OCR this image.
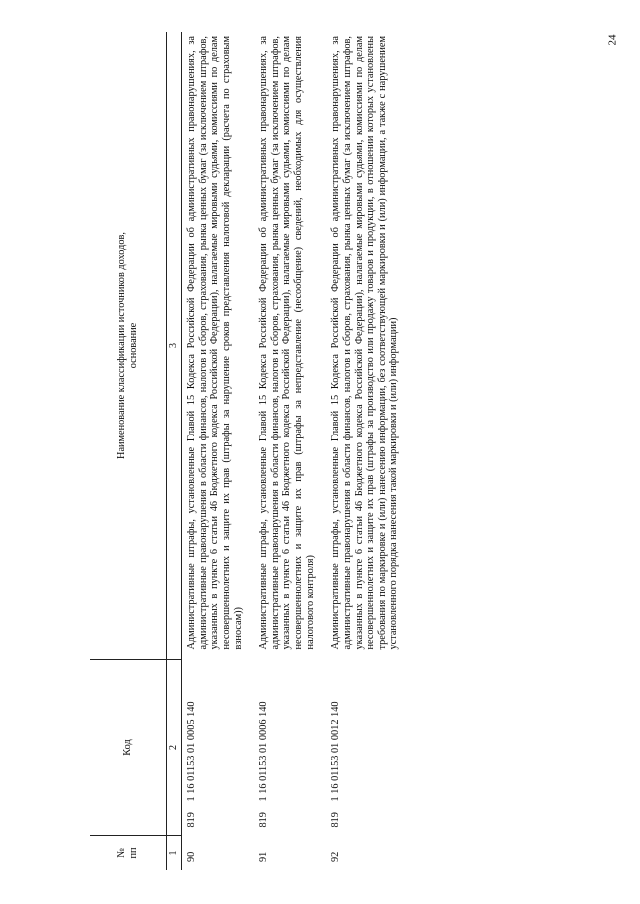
24
№
пп	Код	Наименование классификации источников доходов,
основание
1	2	3
90	8191 16 01153 01 0005 140	Административные штрафы, установленные Главой 15 Кодекса Российской Федерации об административных правонарушениях, за административные правонарушения в области финансов, налогов и сборов, страхования, рынка ценных бумаг (за исключением штрафов, указанных в пункте 6 статьи 46 Бюджетного кодекса Российской Федерации), налагаемые мировыми судьями, комиссиями по делам несовершеннолетних и защите их прав (штрафы за нарушение сроков представления налоговой декларации (расчета по страховым взносам))
91	8191 16 01153 01 0006 140	Административные штрафы, установленные Главой 15 Кодекса Российской Федерации об административных правонарушениях, за административные правонарушения в области финансов, налогов и сборов, страхования, рынка ценных бумаг (за исключением штрафов, указанных в пункте 6 статьи 46 Бюджетного кодекса Российской Федерации), налагаемые мировыми судьями, комиссиями по делам несовершеннолетних и защите их прав (штрафы за непредставление (несообщение) сведений, необходимых для осуществления налогового контроля)
92	8191 16 01153 01 0012 140	Административные штрафы, установленные Главой 15 Кодекса Российской Федерации об административных правонарушениях, за административные правонарушения в области финансов, налогов и сборов, страхования, рынка ценных бумаг (за исключением штрафов, указанных в пункте 6 статьи 46 Бюджетного кодекса Российской Федерации), налагаемые мировыми судьями, комиссиями по делам несовершеннолетних и защите их прав (штрафы за производство или продажу товаров и продукции, в отношении которых установлены требования по маркировке и (или) нанесению информации, без соответствующей маркировки и (или) информации, а также с нарушением установленного порядка нанесения такой маркировки и (или) информации)
